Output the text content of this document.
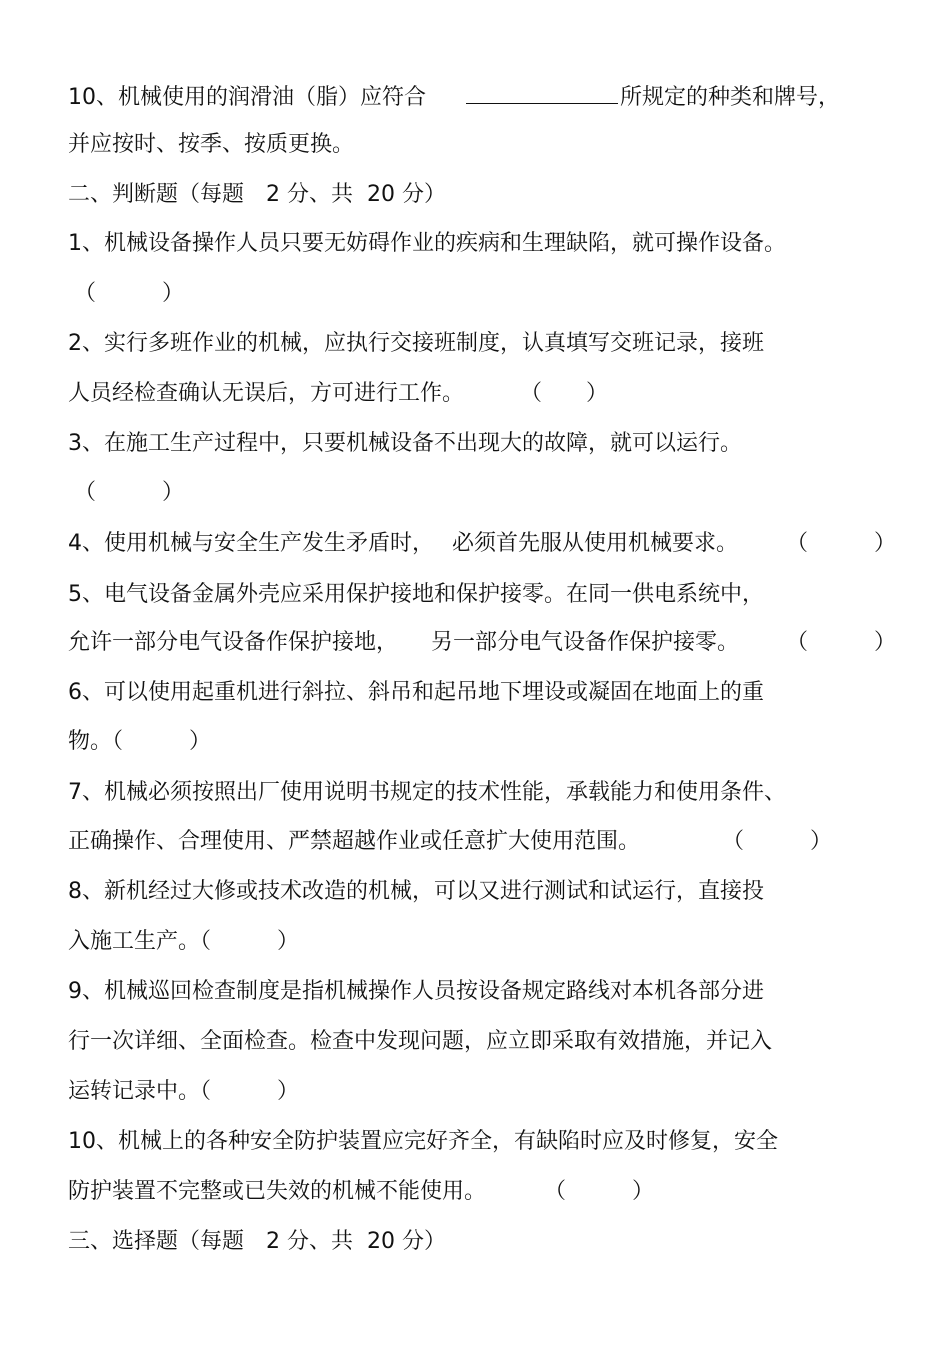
10、机械使用的润滑油（脂）应符合	所规定的种类和牌号，
并应按时、按季、按质更换。
二、判断题（每题　2 分、共  20 分）
1、机械设备操作人员只要无妨碍作业的疾病和生理缺陷，就可操作设备。
（　　　）
2、实行多班作业的机械，应执行交接班制度，认真填写交班记录，接班
人员经检查确认无误后，方可进行工作。	（　　）
3、在施工生产过程中，只要机械设备不出现大的故障，就可以运行。
（　　　）
4、使用机械与安全生产发生矛盾时，　 必须首先服从使用机械要求。 （　　　）
5、电气设备金属外壳应采用保护接地和保护接零。在同一供电系统中，
允许一部分电气设备作保护接地，　　另一部分电气设备作保护接零。 （　　　）
6、可以使用起重机进行斜拉、斜吊和起吊地下埋设或凝固在地面上的重
物。（　　　）
7、机械必须按照出厂使用说明书规定的技术性能，承载能力和使用条件、
正确操作、合理使用、严禁超越作业或任意扩大使用范围。	（　　　）
8、新机经过大修或技术改造的机械，可以又进行测试和试运行，直接投
入施工生产。（　　　）
9、机械巡回检查制度是指机械操作人员按设备规定路线对本机各部分进
行一次详细、全面检查。检查中发现问题，应立即采取有效措施，并记入
运转记录中。（　　　）
10、机械上的各种安全防护装置应完好齐全，有缺陷时应及时修复，安全
防护装置不完整或已失效的机械不能使用。	（　　　）
三、选择题（每题　2 分、共  20 分）
